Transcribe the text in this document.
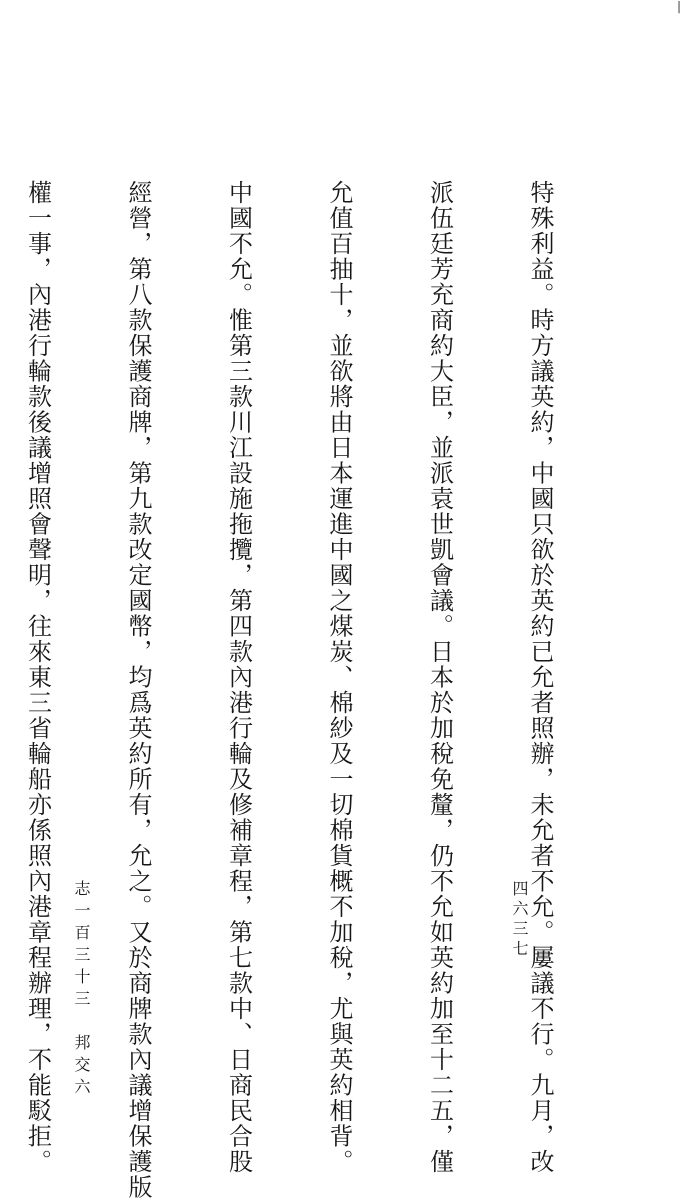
|

特殊利益。時方議英約，中國只欲於英約已允者照辦，未允者不允。屢議不行。九月，改

派伍廷芳充商約大臣，並派袁世凱會議。日本於加稅免釐，仍不允如英約加至十二五，僅

允值百抽十，並欲將由日本運進中國之煤炭、棉紗及一切棉貨概不加稅，尤與英約相背。

中國不允。惟第三款川江設施拖攬，第四款內港行輪及修補章程，第七款中、日商民合股

經營，第八款保護商牌，第九款改定國幣，均爲英約所有，允之。又於商牌款內議增保護版

權一事，內港行輪款後議增照會聲明，往來東三省輪船亦係照內港章程辦理，不能駁拒。

志一百三十三　邦交六	四六三七
